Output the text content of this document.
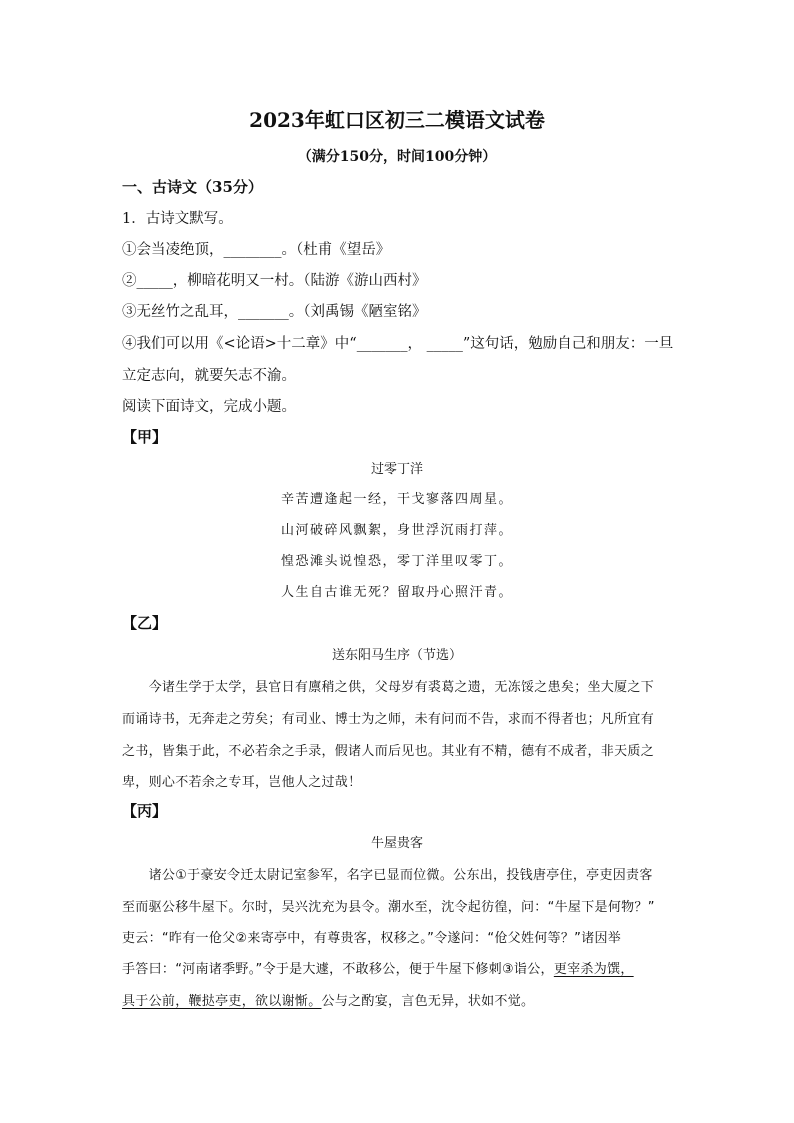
2023年虹口区初三二模语文试卷
（满分150分，时间100分钟）
一、古诗文（35分）
1．古诗文默写。
①会当凌绝顶，________。（杜甫《望岳》
②_____，柳暗花明又一村。（陆游《游山西村》
③无丝竹之乱耳，_______。（刘禹锡《陋室铭》
④我们可以用《<论语>十二章》中“_______， _____”这句话，勉励自己和朋友：一旦
立定志向，就要矢志不渝。
阅读下面诗文，完成小题。
【甲】
过零丁洋
辛苦遭逢起一经，干戈寥落四周星。
山河破碎风飘絮，身世浮沉雨打萍。
惶恐滩头说惶恐，零丁洋里叹零丁。
人生自古谁无死？留取丹心照汗青。
【乙】
送东阳马生序（节选）
　　今诸生学于太学，县官日有廪稍之供，父母岁有裘葛之遗，无冻馁之患矣；坐大厦之下
而诵诗书，无奔走之劳矣；有司业、博士为之师，未有问而不告，求而不得者也；凡所宜有
之书，皆集于此，不必若余之手录，假诸人而后见也。其业有不精，德有不成者，非天质之
卑，则心不若余之专耳，岂他人之过哉！
【丙】
牛屋贵客
　　诸公①于豪安令迁太尉记室参军，名字已显而位微。公东出，投钱唐亭住，亭吏因责客
至而驱公移牛屋下。尔时，吴兴沈充为县令。潮水至，沈令起彷徨，问：“牛屋下是何物？”
吏云：“昨有一伧父②来寄亭中，有尊贵客，权移之。”令遂问：“伧父姓何等？”诸因举
手答曰：“河南诸季野。”令于是大遽，不敢移公，便于牛屋下修刺③诣公，更宰杀为馔，
具于公前，鞭挞亭吏，欲以谢惭。公与之酌宴，言色无异，状如不觉。
